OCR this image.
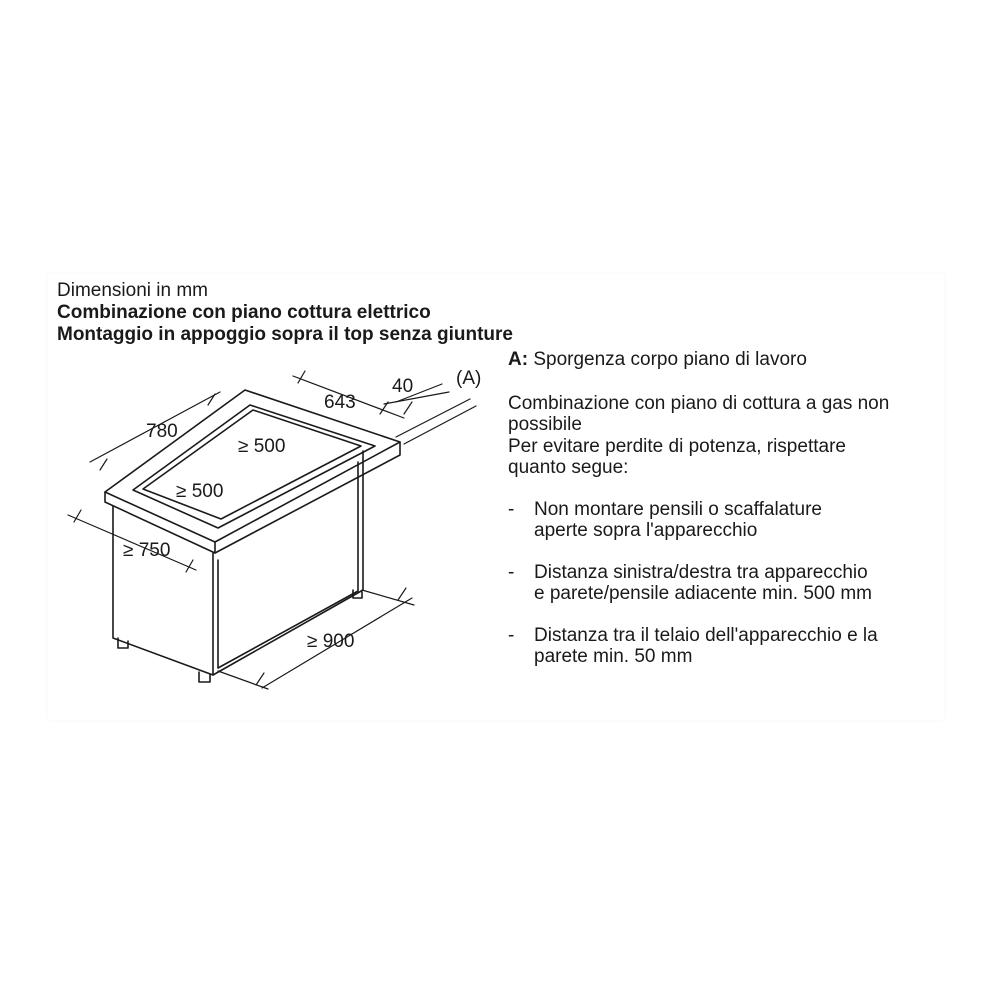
Dimensioni in mm
Combinazione con piano cottura elettrico
Montaggio in appoggio sopra il top senza giunture
780
643
40 (A)
≥ 500
≥ 500
≥ 750
≥ 900
A: Sporgenza corpo piano di lavoro
Combinazione con piano di cottura a gas non
possibile
Per evitare perdite di potenza, rispettare
quanto segue:
- Non montare pensili o scaffalature
aperte sopra l'apparecchio
- Distanza sinistra/destra tra apparecchio
e parete/pensile adiacente min. 500 mm
- Distanza tra il telaio dell'apparecchio e la
parete min. 50 mm
